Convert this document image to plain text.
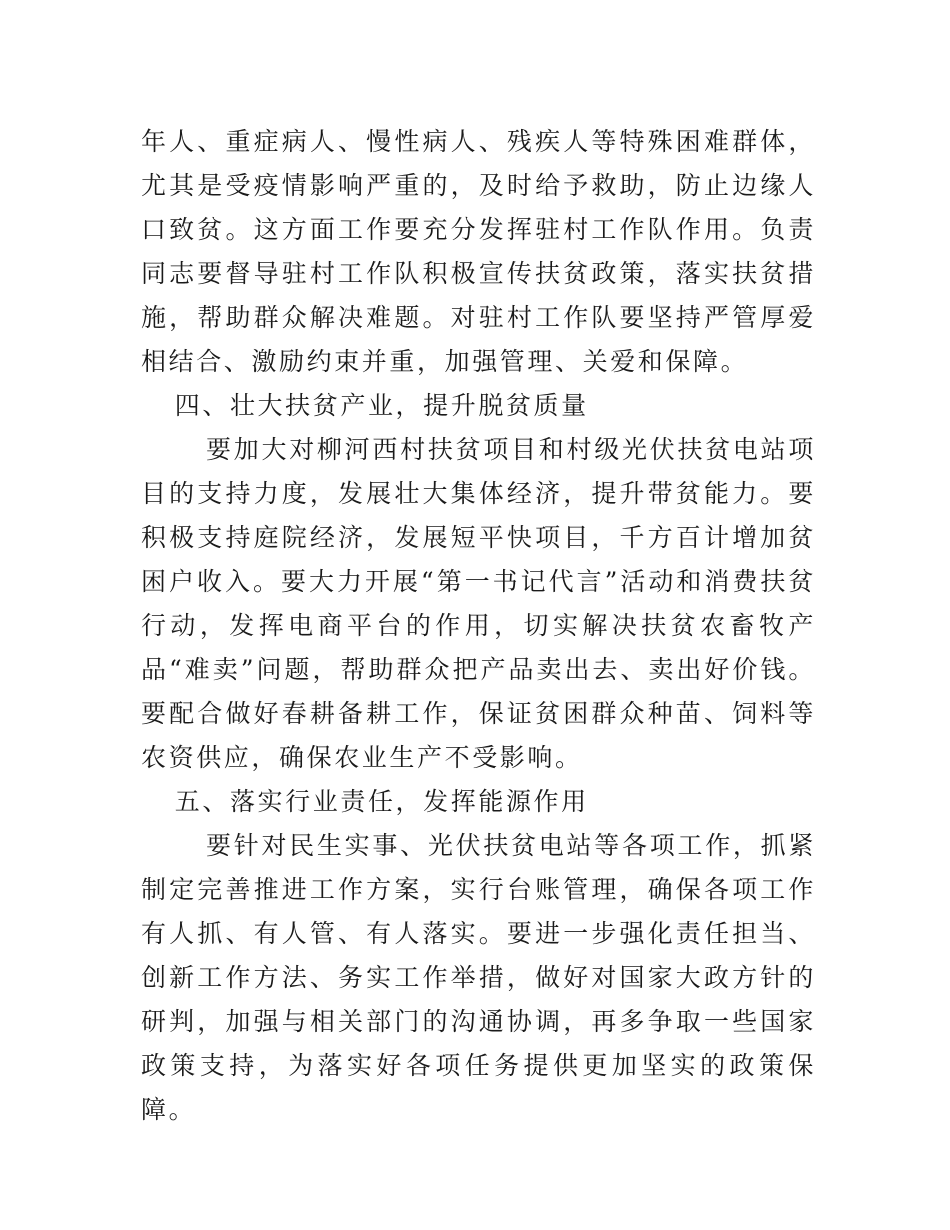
年人、重症病人、慢性病人、残疾人等特殊困难群体，尤其是受疫情影响严重的，及时给予救助，防止边缘人口致贫。这方面工作要充分发挥驻村工作队作用。负责同志要督导驻村工作队积极宣传扶贫政策，落实扶贫措施，帮助群众解决难题。对驻村工作队要坚持严管厚爱相结合、激励约束并重，加强管理、关爱和保障。

四、壮大扶贫产业，提升脱贫质量

要加大对柳河西村扶贫项目和村级光伏扶贫电站项目的支持力度，发展壮大集体经济，提升带贫能力。要积极支持庭院经济，发展短平快项目，千方百计增加贫困户收入。要大力开展“第一书记代言”活动和消费扶贫行动，发挥电商平台的作用，切实解决扶贫农畜牧产品“难卖”问题，帮助群众把产品卖出去、卖出好价钱。要配合做好春耕备耕工作，保证贫困群众种苗、饲料等农资供应，确保农业生产不受影响。

五、落实行业责任，发挥能源作用

要针对民生实事、光伏扶贫电站等各项工作，抓紧制定完善推进工作方案，实行台账管理，确保各项工作有人抓、有人管、有人落实。要进一步强化责任担当、创新工作方法、务实工作举措，做好对国家大政方针的研判，加强与相关部门的沟通协调，再多争取一些国家政策支持，为落实好各项任务提供更加坚实的政策保障。
